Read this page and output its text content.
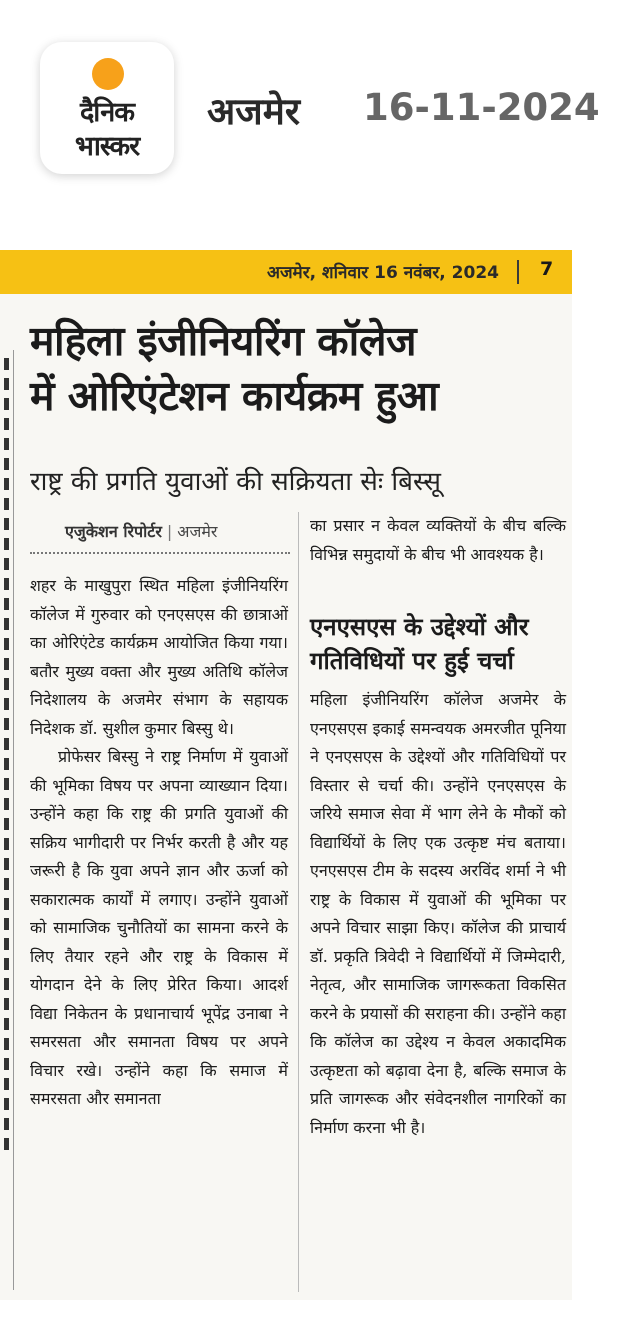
दैनिक
भास्कर
अजमेर 16-11-2024
अजमेर, शनिवार 16 नवंबर, 2024 7
महिला इंजीनियरिंग कॉलेज
में ओरिएंटेशन कार्यक्रम हुआ
राष्ट्र की प्रगति युवाओं की सक्रियता सेः बिस्सू
एजुकेशन रिपोर्टर | अजमेर

शहर के माखुपुरा स्थित महिला इंजीनियरिंग कॉलेज में गुरुवार को एनएसएस की छात्राओं का ओरिएंटेड कार्यक्रम आयोजित किया गया। बतौर मुख्य वक्ता और मुख्य अतिथि कॉलेज निदेशालय के अजमेर संभाग के सहायक निदेशक डॉ. सुशील कुमार बिस्सु थे।

प्रोफेसर बिस्सु ने राष्ट्र निर्माण में युवाओं की भूमिका विषय पर अपना व्याख्यान दिया। उन्होंने कहा कि राष्ट्र की प्रगति युवाओं की सक्रिय भागीदारी पर निर्भर करती है और यह जरूरी है कि युवा अपने ज्ञान और ऊर्जा को सकारात्मक कार्यों में लगाए। उन्होंने युवाओं को सामाजिक चुनौतियों का सामना करने के लिए तैयार रहने और राष्ट्र के विकास में योगदान देने के लिए प्रेरित किया। आदर्श विद्या निकेतन के प्रधानाचार्य भूपेंद्र उनाबा ने समरसता और समानता विषय पर अपने विचार रखे। उन्होंने कहा कि समाज में समरसता और समानता

का प्रसार न केवल व्यक्तियों के बीच बल्कि विभिन्न समुदायों के बीच भी आवश्यक है।

एनएसएस के उद्देश्यों और गतिविधियों पर हुई चर्चा

महिला इंजीनियरिंग कॉलेज अजमेर के एनएसएस इकाई समन्वयक अमरजीत पूनिया ने एनएसएस के उद्देश्यों और गतिविधियों पर विस्तार से चर्चा की। उन्होंने एनएसएस के जरिये समाज सेवा में भाग लेने के मौकों को विद्यार्थियों के लिए एक उत्कृष्ट मंच बताया। एनएसएस टीम के सदस्य अरविंद शर्मा ने भी राष्ट्र के विकास में युवाओं की भूमिका पर अपने विचार साझा किए। कॉलेज की प्राचार्य डॉ. प्रकृति त्रिवेदी ने विद्यार्थियों में जिम्मेदारी, नेतृत्व, और सामाजिक जागरूकता विकसित करने के प्रयासों की सराहना की। उन्होंने कहा कि कॉलेज का उद्देश्य न केवल अकादमिक उत्कृष्टता को बढ़ावा देना है, बल्कि समाज के प्रति जागरूक और संवेदनशील नागरिकों का निर्माण करना भी है।
